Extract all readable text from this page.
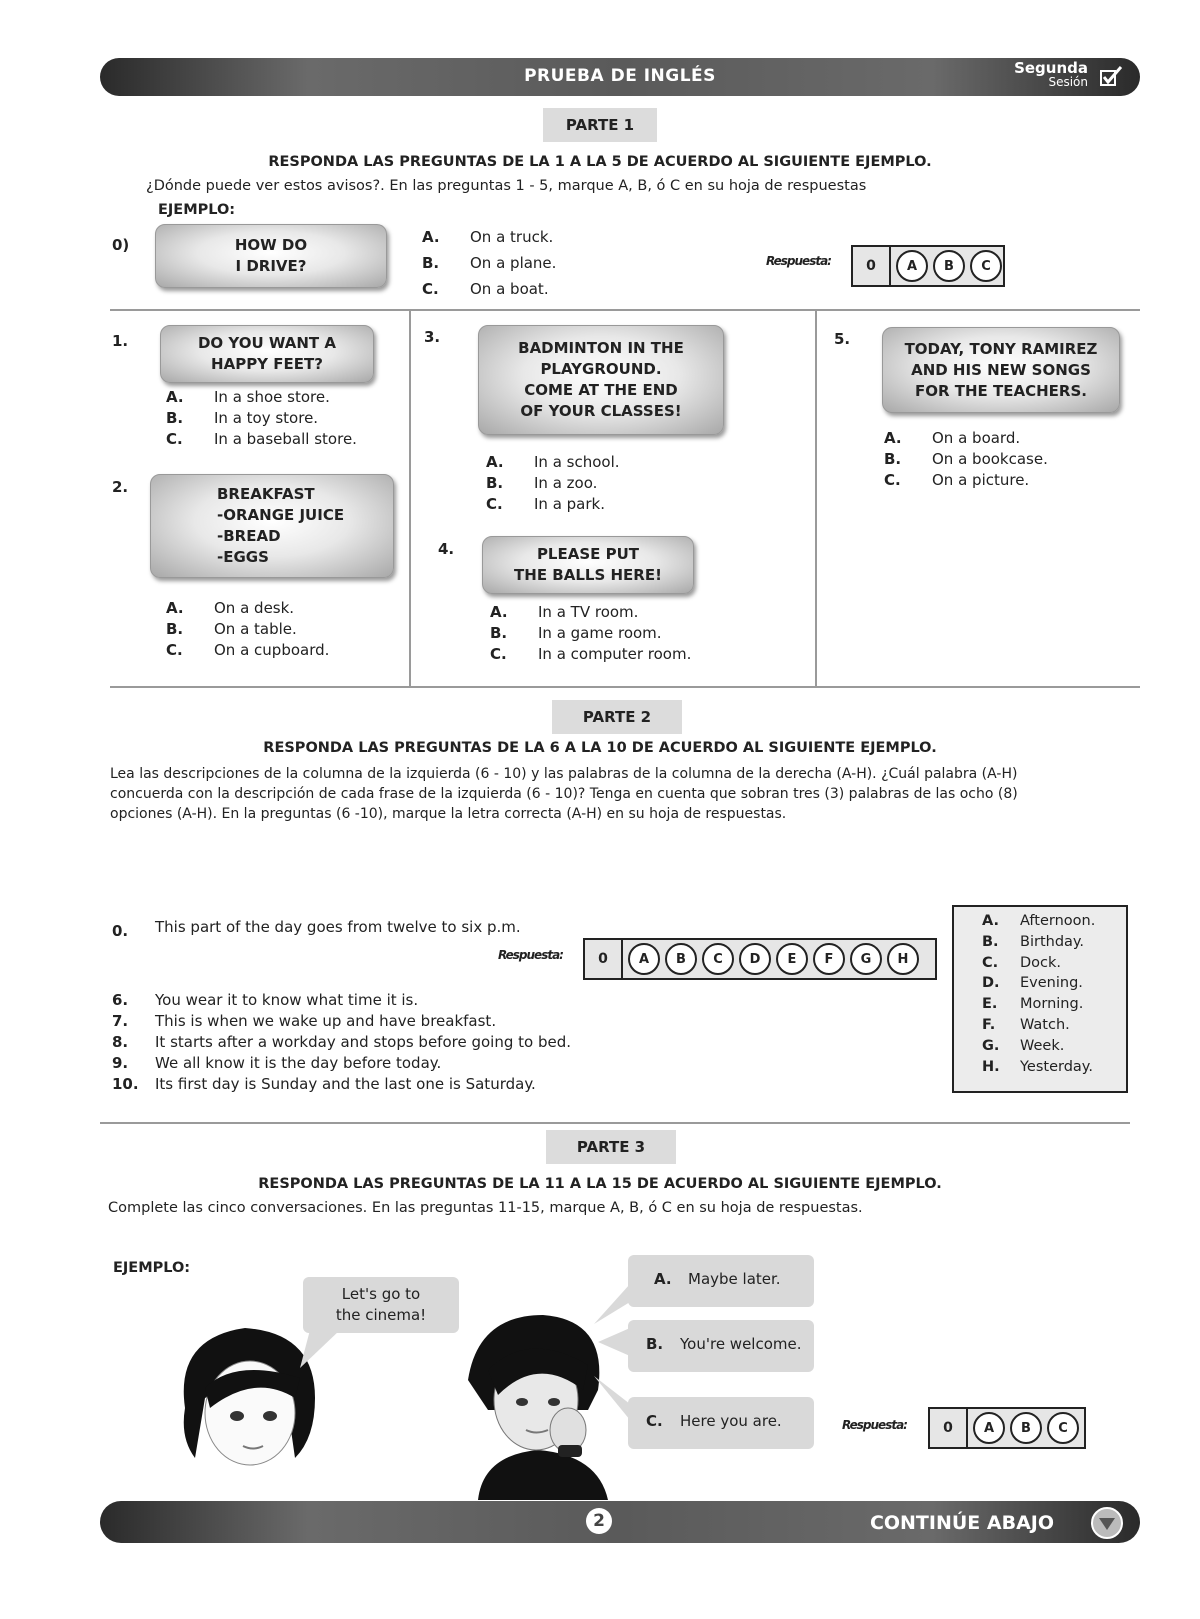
PRUEBA DE INGLÉS	Segunda
Sesión
PARTE 1
RESPONDA LAS PREGUNTAS DE LA 1 A LA 5 DE ACUERDO AL SIGUIENTE EJEMPLO.
¿Dónde puede ver estos avisos?. En las preguntas 1 - 5, marque A, B, ó C en su hoja de respuestas
EJEMPLO:
0)	HOW DO
I DRIVE?
A. On a truck.
B. On a plane.
C. On a boat.
Respuesta:	0	A	B	C
1.	DO YOU WANT A
HAPPY FEET?
A. In a shoe store.
B. In a toy store.
C. In a baseball store.
2.	BREAKFAST
-ORANGE JUICE
-BREAD
-EGGS
A. On a desk.
B. On a table.
C. On a cupboard.
3.
BADMINTON IN THE
PLAYGROUND.
COME AT THE END
OF YOUR CLASSES!
A. In a school.
B. In a zoo.
C. In a park.
4.	PLEASE PUT
THE BALLS HERE!
A. In a TV room.
B. In a game room.
C. In a computer room.
5.
TODAY, TONY RAMIREZ
AND HIS NEW SONGS
FOR THE TEACHERS.
A. On a board.
B. On a bookcase.
C. On a picture.
PARTE 2
RESPONDA LAS PREGUNTAS DE LA 6 A LA 10 DE ACUERDO AL SIGUIENTE EJEMPLO.
Lea las descripciones de la columna de la izquierda (6 - 10) y las palabras de la columna de la derecha (A-H). ¿Cuál palabra (A-H)
concuerda con la descripción de cada frase de la izquierda (6 - 10)? Tenga en cuenta que sobran tres (3) palabras de las ocho (8)
opciones (A-H). En la preguntas (6 -10), marque la letra correcta (A-H) en su hoja de respuestas.
0. This part of the day goes from twelve to six p.m.
Respuesta:	0	A	B	C	D	E	F	G	H
6. You wear it to know what time it is.
7. This is when we wake up and have breakfast.
8. It starts after a workday and stops before going to bed.
9. We all know it is the day before today.
10. Its first day is Sunday and the last one is Saturday.
A. Afternoon.
B. Birthday.
C. Dock.
D. Evening.
E. Morning.
F. Watch.
G. Week.
H. Yesterday.
PARTE 3
RESPONDA LAS PREGUNTAS DE LA 11 A LA 15 DE ACUERDO AL SIGUIENTE EJEMPLO.
Complete las cinco conversaciones. En las preguntas 11-15, marque A, B, ó C en su hoja de respuestas.
EJEMPLO:
Let's go to
the cinema!
A. Maybe later.
B. You're welcome.
C. Here you are.	Respuesta:	0	A	B	C
CONTINÚE ABAJO
2
